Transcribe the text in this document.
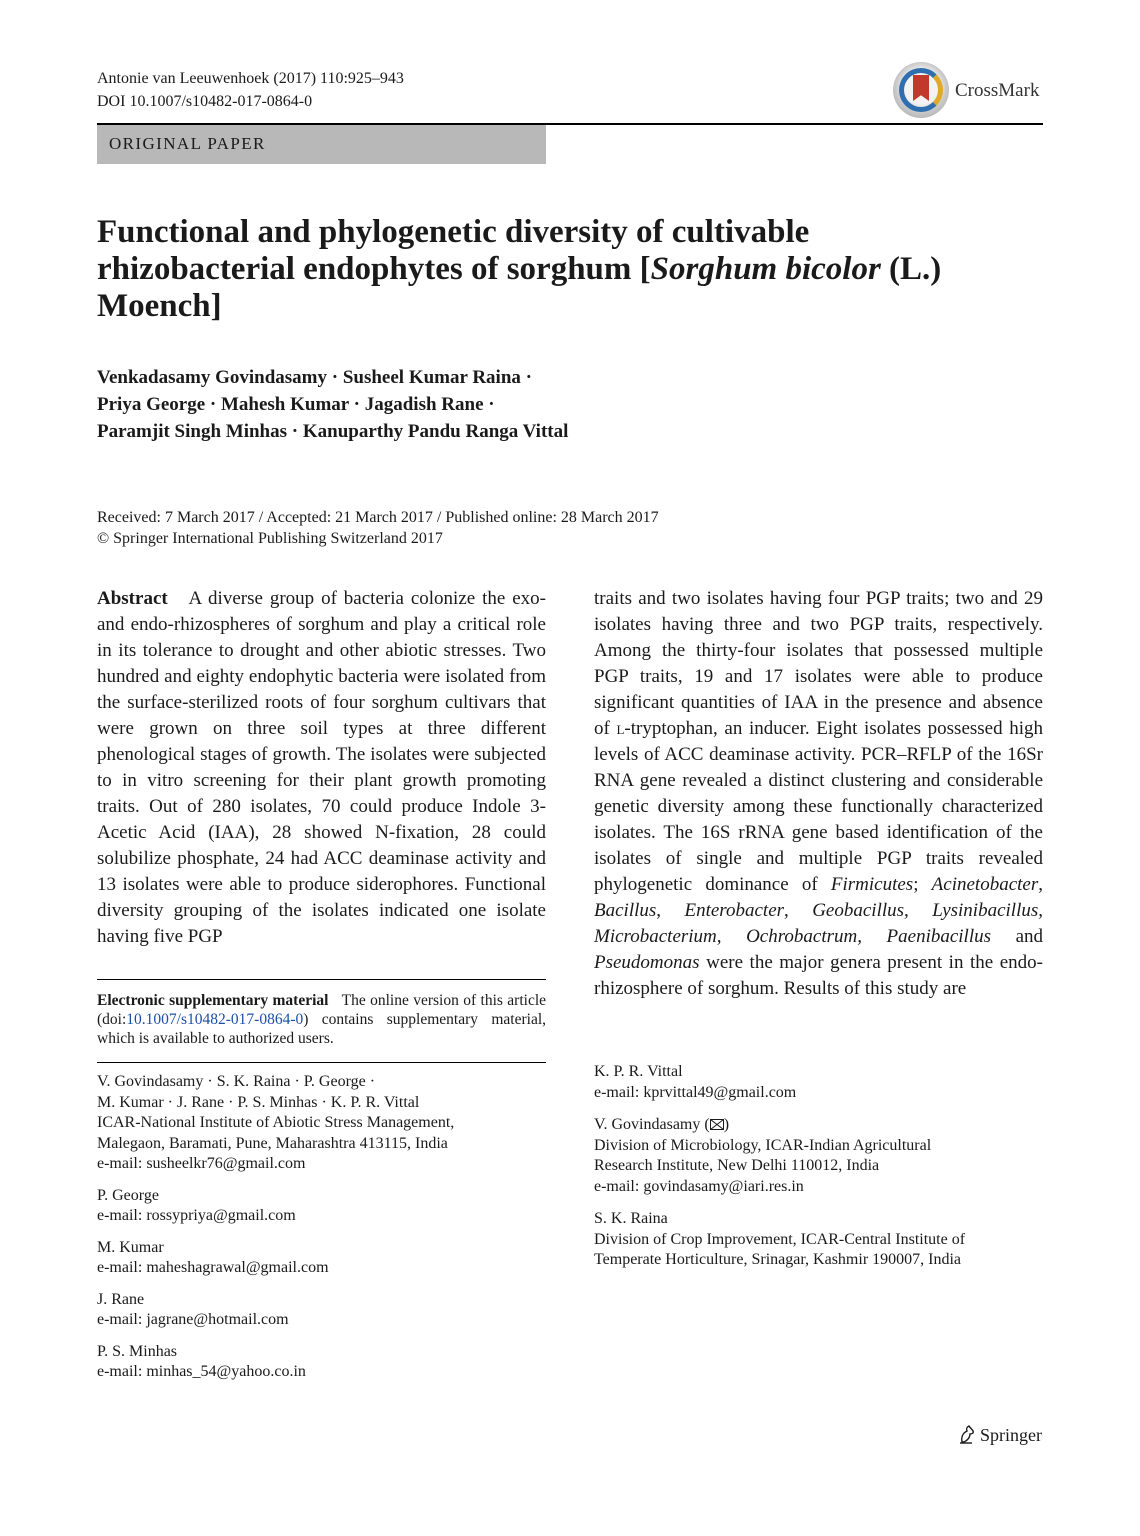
Antonie van Leeuwenhoek (2017) 110:925–943
DOI 10.1007/s10482-017-0864-0
CrossMark
ORIGINAL PAPER
Functional and phylogenetic diversity of cultivable
rhizobacterial endophytes of sorghum [Sorghum bicolor (L.)
Moench]
Venkadasamy Govindasamy · Susheel Kumar Raina ·
Priya George · Mahesh Kumar · Jagadish Rane ·
Paramjit Singh Minhas · Kanuparthy Pandu Ranga Vittal
Received: 7 March 2017 / Accepted: 21 March 2017 / Published online: 28 March 2017
© Springer International Publishing Switzerland 2017
Abstract A diverse group of bacteria colonize the exo- and endo-rhizospheres of sorghum and play a critical role in its tolerance to drought and other abiotic stresses. Two hundred and eighty endophytic bacteria were isolated from the surface-sterilized roots of four sorghum cultivars that were grown on three soil types at three different phenological stages of growth. The isolates were subjected to in vitro screening for their plant growth promoting traits. Out of 280 isolates, 70 could produce Indole 3-Acetic Acid (IAA), 28 showed N-fixation, 28 could solubilize phosphate, 24 had ACC deaminase activity and 13 isolates were able to produce siderophores. Functional diversity grouping of the isolates indicated one isolate having five PGP
traits and two isolates having four PGP traits; two and 29 isolates having three and two PGP traits, respectively. Among the thirty-four isolates that possessed multiple PGP traits, 19 and 17 isolates were able to produce significant quantities of IAA in the presence and absence of l-tryptophan, an inducer. Eight isolates possessed high levels of ACC deaminase activity. PCR–RFLP of the 16Sr RNA gene revealed a distinct clustering and considerable genetic diversity among these functionally characterized isolates. The 16S rRNA gene based identification of the isolates of single and multiple PGP traits revealed phylogenetic dominance of Firmicutes; Acinetobacter, Bacillus, Enterobacter, Geobacillus, Lysinibacillus, Microbacterium, Ochrobactrum, Paenibacillus and Pseudomonas were the major genera present in the endo-rhizosphere of sorghum. Results of this study are
Electronic supplementary material The online version of this article (doi:10.1007/s10482-017-0864-0) contains supplementary material, which is available to authorized users.
V. Govindasamy · S. K. Raina · P. George ·
M. Kumar · J. Rane · P. S. Minhas · K. P. R. Vittal
ICAR-National Institute of Abiotic Stress Management,
Malegaon, Baramati, Pune, Maharashtra 413115, India
e-mail: susheelkr76@gmail.com
P. George
e-mail: rossypriya@gmail.com
M. Kumar
e-mail: maheshagrawal@gmail.com
J. Rane
e-mail: jagrane@hotmail.com
P. S. Minhas
e-mail: minhas_54@yahoo.co.in
K. P. R. Vittal
e-mail: kprvittal49@gmail.com
V. Govindasamy ( )
Division of Microbiology, ICAR-Indian Agricultural
Research Institute, New Delhi 110012, India
e-mail: govindasamy@iari.res.in
S. K. Raina
Division of Crop Improvement, ICAR-Central Institute of
Temperate Horticulture, Srinagar, Kashmir 190007, India
Springer
